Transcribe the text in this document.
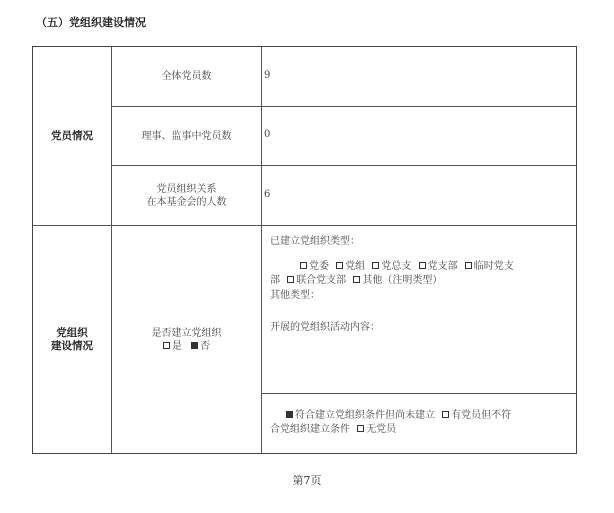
（五）党组织建设情况
党员情况
全体党员数	9
理事、监事中党员数	0
党员组织关系
在本基金会的人数
6
党组织
建设情况
是否建立党组织
是 否
已建立党组织类型：
党委 党组 党总支 党支部 临时党支
部 联合党支部 其他（注明类型）
其他类型：
开展的党组织活动内容：
符合建立党组织条件但尚未建立 有党员但不符
合党组织建立条件 无党员
第7页
